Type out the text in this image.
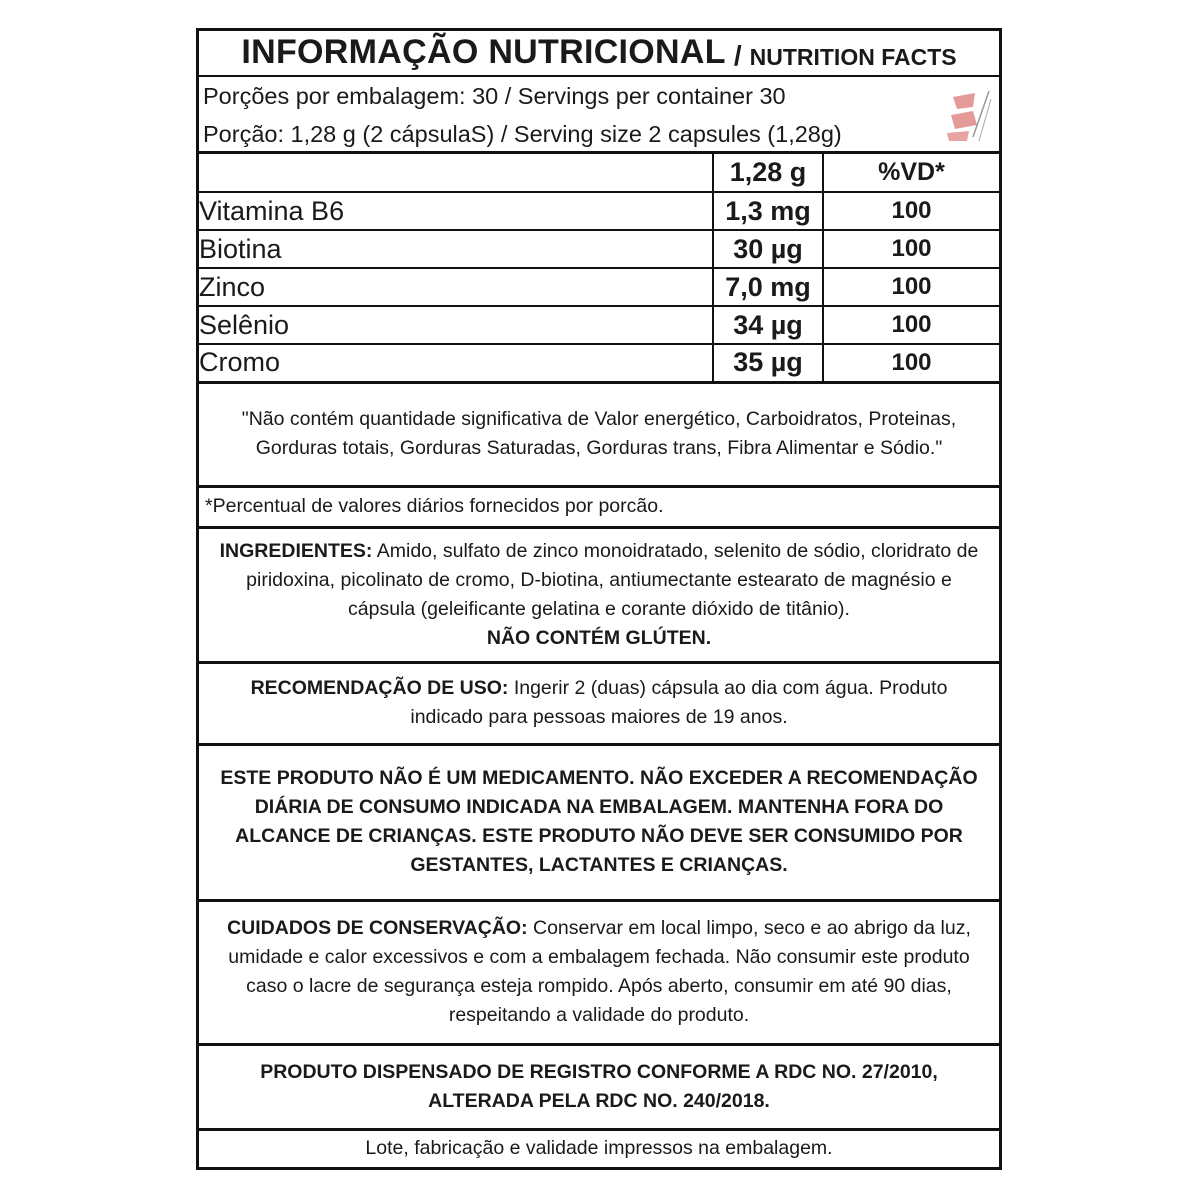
INFORMAÇÃO NUTRICIONAL / NUTRITION FACTS
Porções por embalagem: 30 / Servings per container 30
Porção: 1,28 g (2 cápsulaS) / Serving size 2 capsules (1,28g)
	1,28 g	%VD*
Vitamina B6	1,3 mg	100
Biotina	30 µg	100
Zinco	7,0 mg	100
Selênio	34 µg	100
Cromo	35 µg	100

"Não contém quantidade significativa de Valor energético, Carboidratos, Proteinas,

Gorduras totais, Gorduras Saturadas, Gorduras trans, Fibra Alimentar e Sódio."

*Percentual de valores diários fornecidos por porcão.

INGREDIENTES: Amido, sulfato de zinco monoidratado, selenito de sódio, cloridrato de

piridoxina, picolinato de cromo, D-biotina, antiumectante estearato de magnésio e

cápsula (geleificante gelatina e corante dióxido de titânio).

NÃO CONTÉM GLÚTEN.

RECOMENDAÇÃO DE USO: Ingerir 2 (duas) cápsula ao dia com água. Produto

indicado para pessoas maiores de 19 anos.

ESTE PRODUTO NÃO É UM MEDICAMENTO. NÃO EXCEDER A RECOMENDAÇÃO

DIÁRIA DE CONSUMO INDICADA NA EMBALAGEM. MANTENHA FORA DO

ALCANCE DE CRIANÇAS. ESTE PRODUTO NÃO DEVE SER CONSUMIDO POR

GESTANTES, LACTANTES E CRIANÇAS.

CUIDADOS DE CONSERVAÇÃO: Conservar em local limpo, seco e ao abrigo da luz,

umidade e calor excessivos e com a embalagem fechada. Não consumir este produto

caso o lacre de segurança esteja rompido. Após aberto, consumir em até 90 dias,

respeitando a validade do produto.

PRODUTO DISPENSADO DE REGISTRO CONFORME A RDC NO. 27/2010,

ALTERADA PELA RDC NO. 240/2018.

Lote, fabricação e validade impressos na embalagem.
